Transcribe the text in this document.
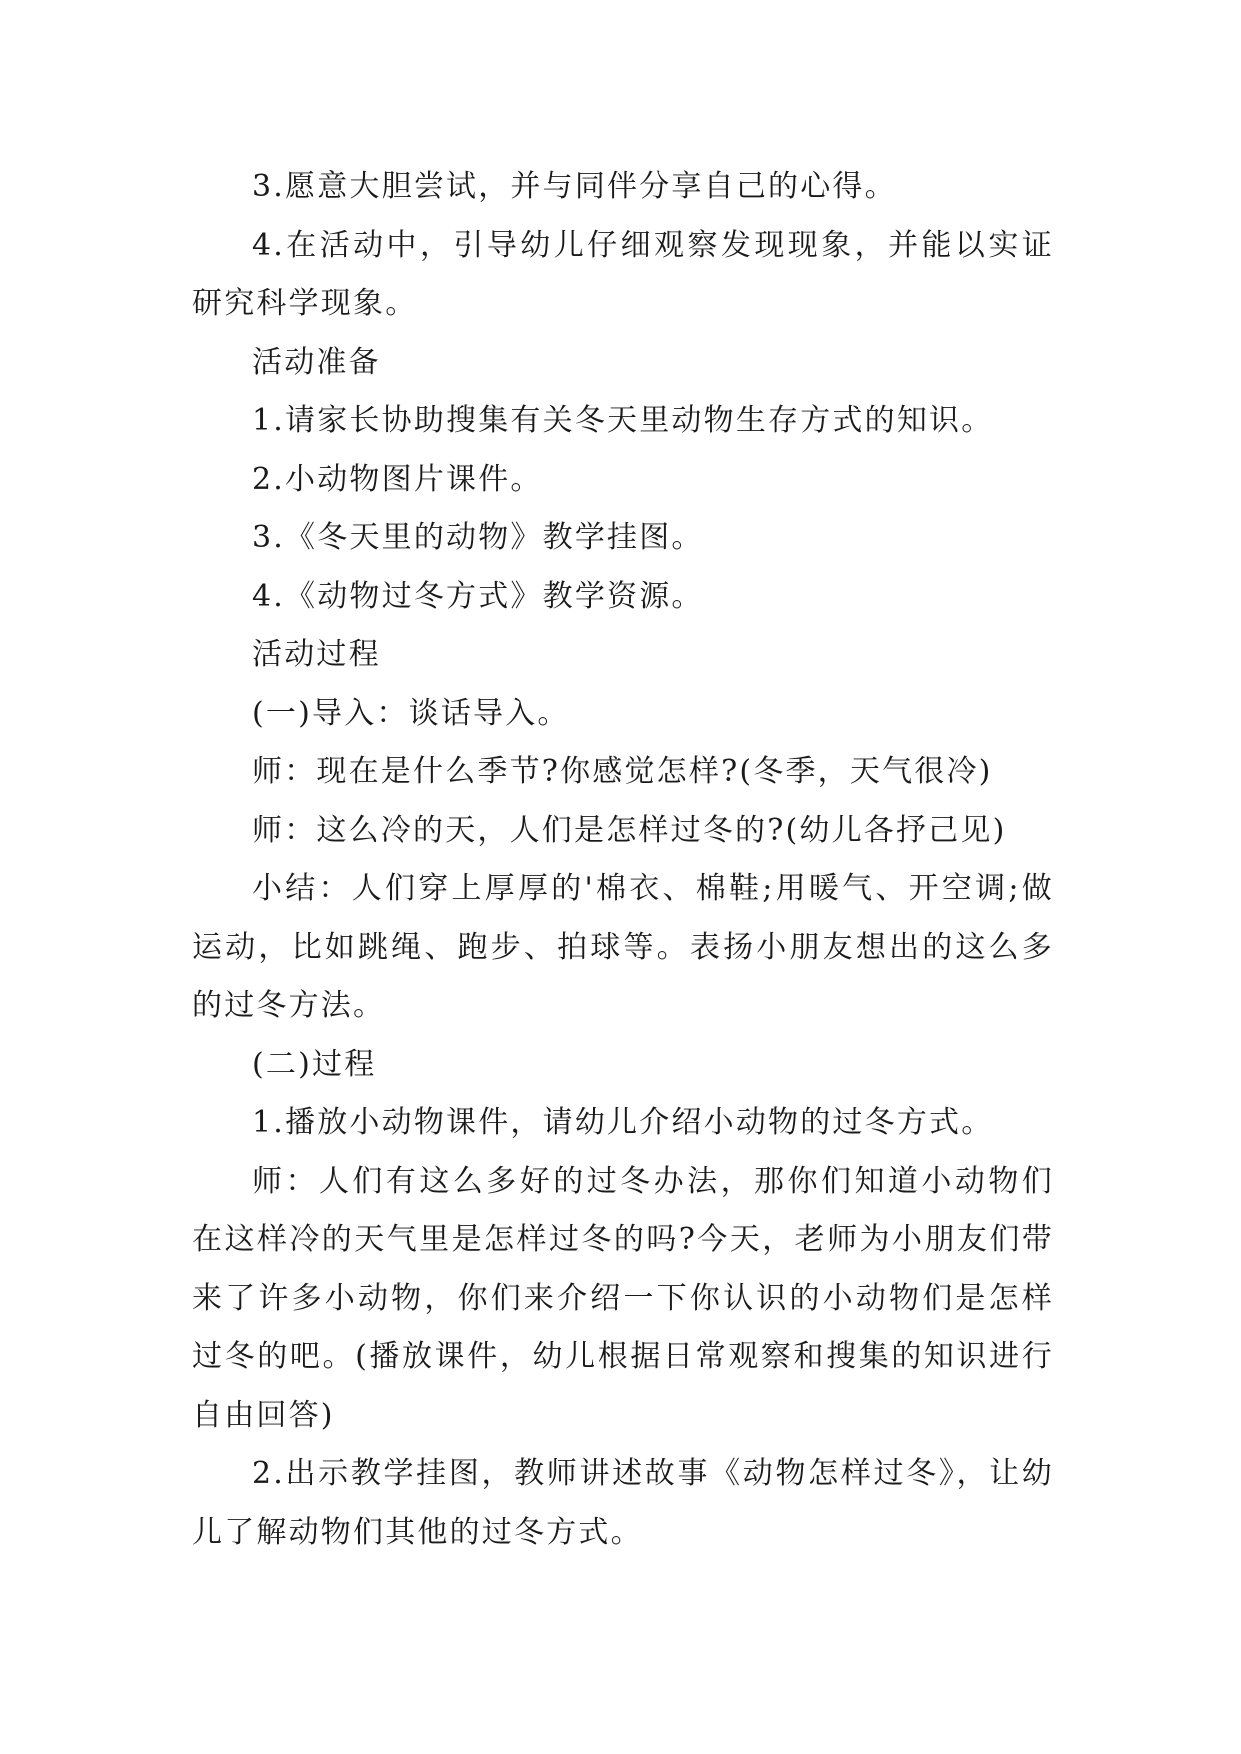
3.愿意大胆尝试，并与同伴分享自己的心得。

4.在活动中，引导幼儿仔细观察发现现象，并能以实证研究科学现象。

活动准备

1.请家长协助搜集有关冬天里动物生存方式的知识。

2.小动物图片课件。

3.《冬天里的动物》教学挂图。

4.《动物过冬方式》教学资源。

活动过程

(一)导入：谈话导入。

师：现在是什么季节?你感觉怎样?(冬季，天气很冷)

师：这么冷的天，人们是怎样过冬的?(幼儿各抒己见)

小结：人们穿上厚厚的'棉衣、棉鞋;用暖气、开空调;做运动，比如跳绳、跑步、拍球等。表扬小朋友想出的这么多的过冬方法。

(二)过程

1.播放小动物课件，请幼儿介绍小动物的过冬方式。

师：人们有这么多好的过冬办法，那你们知道小动物们在这样冷的天气里是怎样过冬的吗?今天，老师为小朋友们带来了许多小动物，你们来介绍一下你认识的小动物们是怎样过冬的吧。(播放课件，幼儿根据日常观察和搜集的知识进行自由回答)

2.出示教学挂图，教师讲述故事《动物怎样过冬》，让幼儿了解动物们其他的过冬方式。
